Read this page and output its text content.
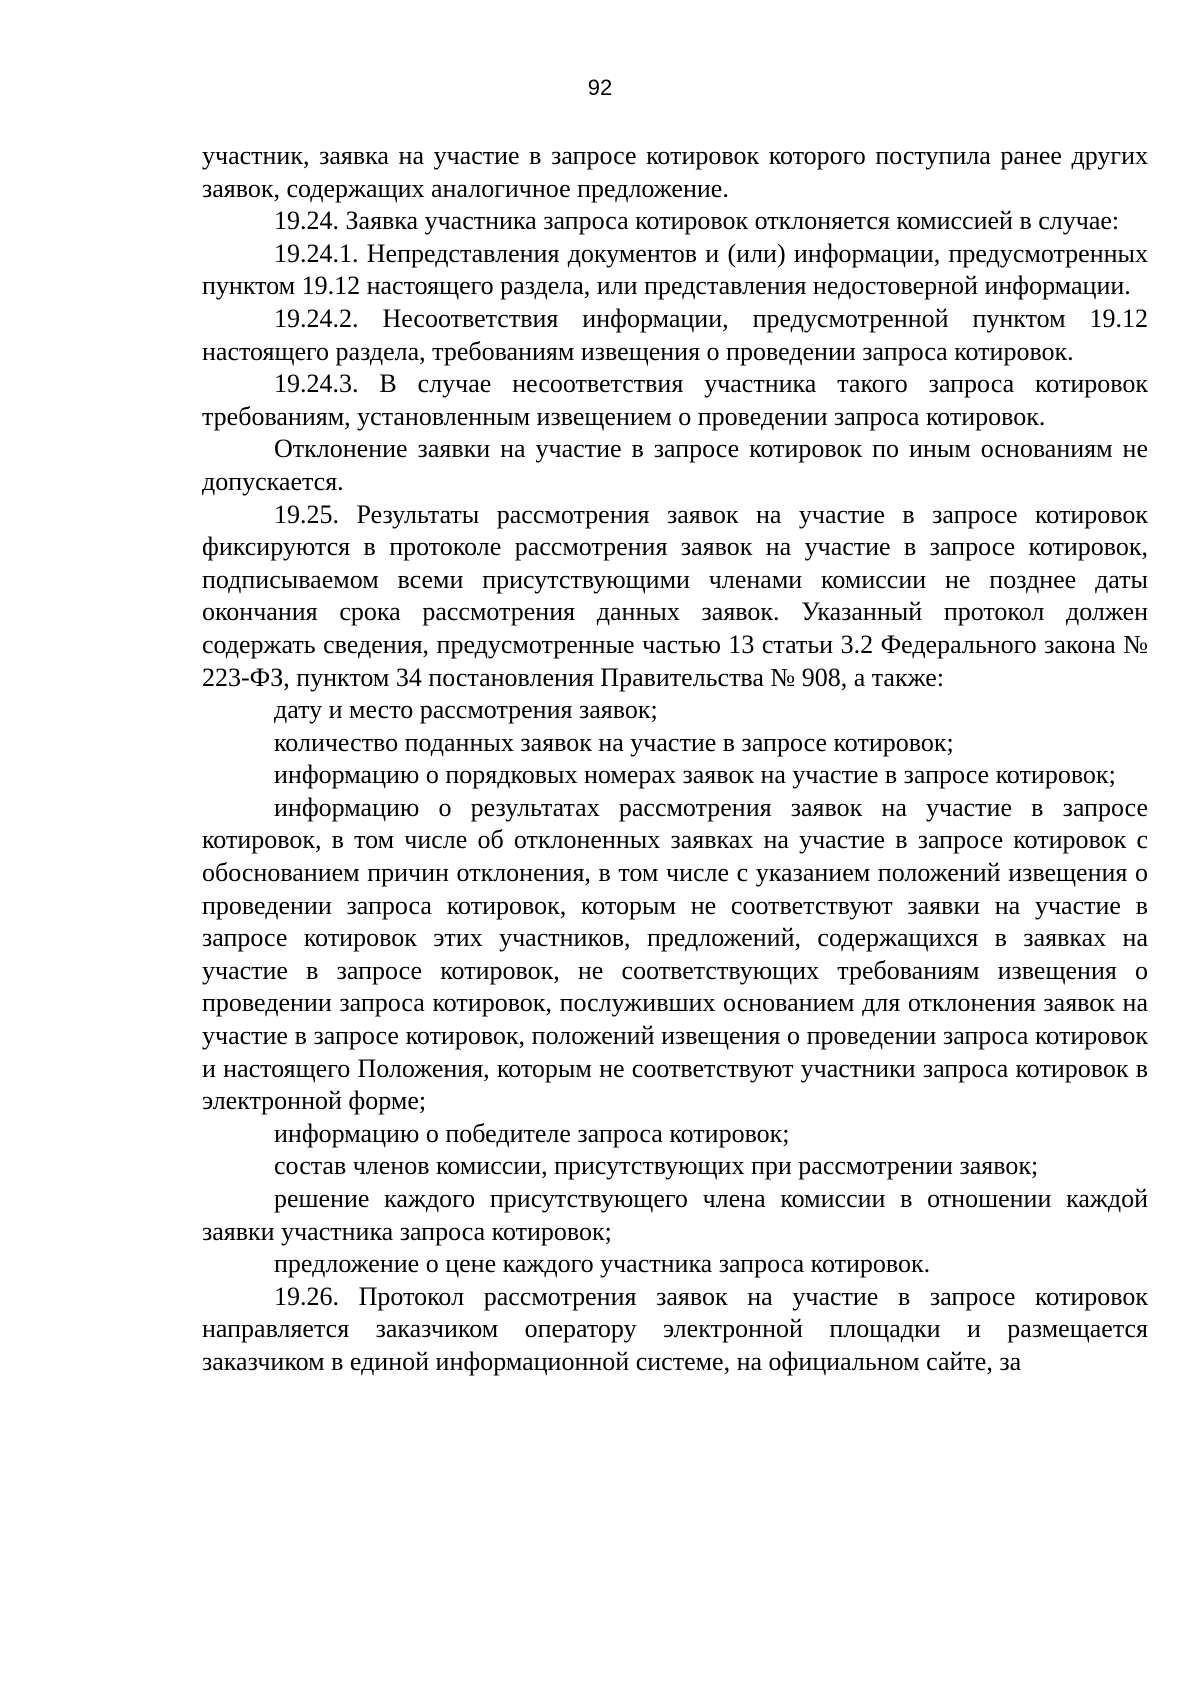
92

участник, заявка на участие в запросе котировок которого поступила ранее других заявок, содержащих аналогичное предложение.

19.24. Заявка участника запроса котировок отклоняется комиссией в случае:

19.24.1. Непредставления документов и (или) информации, предусмотренных пунктом 19.12 настоящего раздела, или представления недостоверной информации.

19.24.2. Несоответствия информации, предусмотренной пунктом 19.12 настоящего раздела, требованиям извещения о проведении запроса котировок.

19.24.3. В случае несоответствия участника такого запроса котировок требованиям, установленным извещением о проведении запроса котировок.

Отклонение заявки на участие в запросе котировок по иным основаниям не допускается.

19.25. Результаты рассмотрения заявок на участие в запросе котировок фиксируются в протоколе рассмотрения заявок на участие в запросе котировок, подписываемом всеми присутствующими членами комиссии не позднее даты окончания срока рассмотрения данных заявок. Указанный протокол должен содержать сведения, предусмотренные частью 13 статьи 3.2 Федерального закона № 223-ФЗ, пунктом 34 постановления Правительства № 908, а также:

дату и место рассмотрения заявок;

количество поданных заявок на участие в запросе котировок;

информацию о порядковых номерах заявок на участие в запросе котировок;

информацию о результатах рассмотрения заявок на участие в запросе котировок, в том числе об отклоненных заявках на участие в запросе котировок с обоснованием причин отклонения, в том числе с указанием положений извещения о проведении запроса котировок, которым не соответствуют заявки на участие в запросе котировок этих участников, предложений, содержащихся в заявках на участие в запросе котировок, не соответствующих требованиям извещения о проведении запроса котировок, послуживших основанием для отклонения заявок на участие в запросе котировок, положений извещения о проведении запроса котировок и настоящего Положения, которым не соответствуют участники запроса котировок в электронной форме;

информацию о победителе запроса котировок;

состав членов комиссии, присутствующих при рассмотрении заявок;

решение каждого присутствующего члена комиссии в отношении каждой заявки участника запроса котировок;

предложение о цене каждого участника запроса котировок.

19.26. Протокол рассмотрения заявок на участие в запросе котировок направляется заказчиком оператору электронной площадки и размещается заказчиком в единой информационной системе, на официальном сайте, за
